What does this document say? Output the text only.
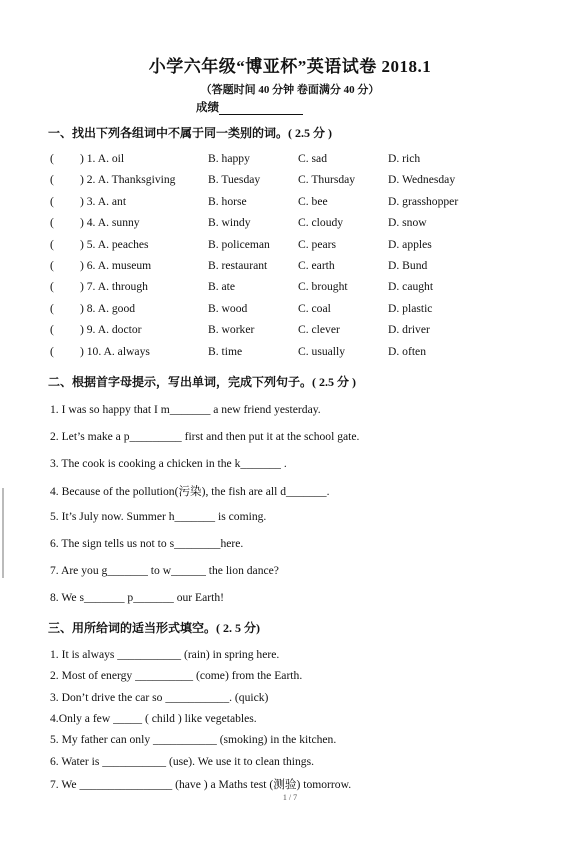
小学六年级“博亚杯”英语试卷 2018.1
（答题时间 40 分钟 卷面满分 40 分）
成绩
一、找出下列各组词中不属于同一类别的词。( 2.5 分 )
( ) 1. A. oil	B. happy	C. sad	D. rich
( ) 2. A. Thanksgiving	B. Tuesday	C. Thursday	D. Wednesday
( ) 3. A. ant	B. horse	C. bee	D. grasshopper
( ) 4. A. sunny	B. windy	C. cloudy	D. snow
( ) 5. A. peaches	B. policeman C. pears	D. apples
( ) 6. A. museum	B. restaurant	C. earth	D. Bund
( ) 7. A. through	B. ate	C. brought	D. caught
( ) 8. A. good	B. wood	C. coal	D. plastic
( ) 9. A. doctor	B. worker	C. clever	D. driver
( ) 10. A. always	B. time	C. usually	D. often
二、根据首字母提示，写出单词，完成下列句子。( 2.5 分 )
1. I was so happy that I m_______ a new friend yesterday.
2. Let’s make a p_________ first and then put it at the school gate.
3. The cook is cooking a chicken in the k_______ .
4. Because of the pollution(污染), the fish are all d_______.
5. It’s July now. Summer h_______ is coming.
6. The sign tells us not to s________here.
7. Are you g_______ to w______ the lion dance?
8. We s_______ p_______ our Earth!
三、用所给词的适当形式填空。( 2. 5 分)
1. It is always ___________ (rain) in spring here.
2. Most of energy __________ (come) from the Earth.
3. Don’t drive the car so ___________. (quick)
4.Only a few _____ ( child ) like vegetables.
5. My father can only ___________ (smoking) in the kitchen.
6. Water is ___________ (use). We use it to clean things.
7. We ________________ (have ) a Maths test (测验) tomorrow.
1 / 7
